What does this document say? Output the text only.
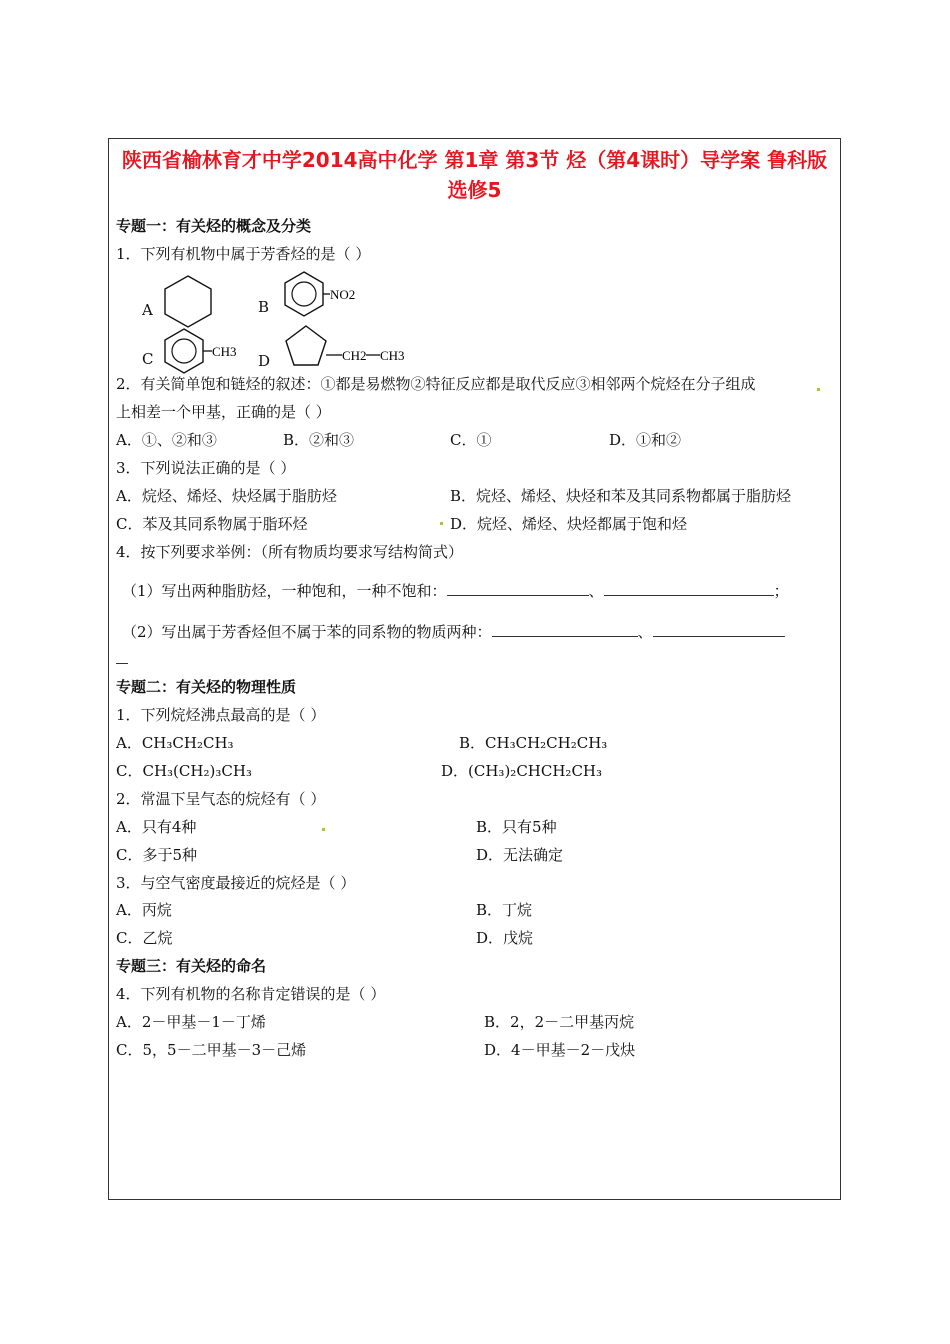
陕西省榆林育才中学2014高中化学 第1章 第3节 烃（第4课时）导学案 鲁科版选修5
专题一：有关烃的概念及分类
1．下列有机物中属于芳香烃的是（ ）
A	B
NO2
C	CH3
D	CH2 CH3
2．有关简单饱和链烃的叙述：①都是易燃物②特征反应都是取代反应③相邻两个烷烃在分子组成
上相差一个甲基，正确的是（ ）
A．①、②和③	B．②和③	C．①	D．①和②
3．下列说法正确的是（ ）
A．烷烃、烯烃、炔烃属于脂肪烃	B．烷烃、烯烃、炔烃和苯及其同系物都属于脂肪烃
C．苯及其同系物属于脂环烃	D．烷烃、烯烃、炔烃都属于饱和烃
4．按下列要求举例：（所有物质均要求写结构简式）
（1）写出两种脂肪烃，一种饱和，一种不饱和：	、	；
（2）写出属于芳香烃但不属于苯的同系物的物质两种：	、
专题二：有关烃的物理性质
1．下列烷烃沸点最高的是（ ）
A．CH₃CH₂CH₃	B．CH₃CH₂CH₂CH₃
C．CH₃(CH₂)₃CH₃	D．(CH₃)₂CHCH₂CH₃
2．常温下呈气态的烷烃有（ ）
A．只有4种	B．只有5种
C．多于5种	D．无法确定
3．与空气密度最接近的烷烃是（ ）
A．丙烷	B．丁烷
C．乙烷	D．戊烷
专题三：有关烃的命名
4．下列有机物的名称肯定错误的是（ ）
A．2－甲基－1－丁烯	B．2，2－二甲基丙烷
C．5，5－二甲基－3－己烯	D．4－甲基－2－戊炔
